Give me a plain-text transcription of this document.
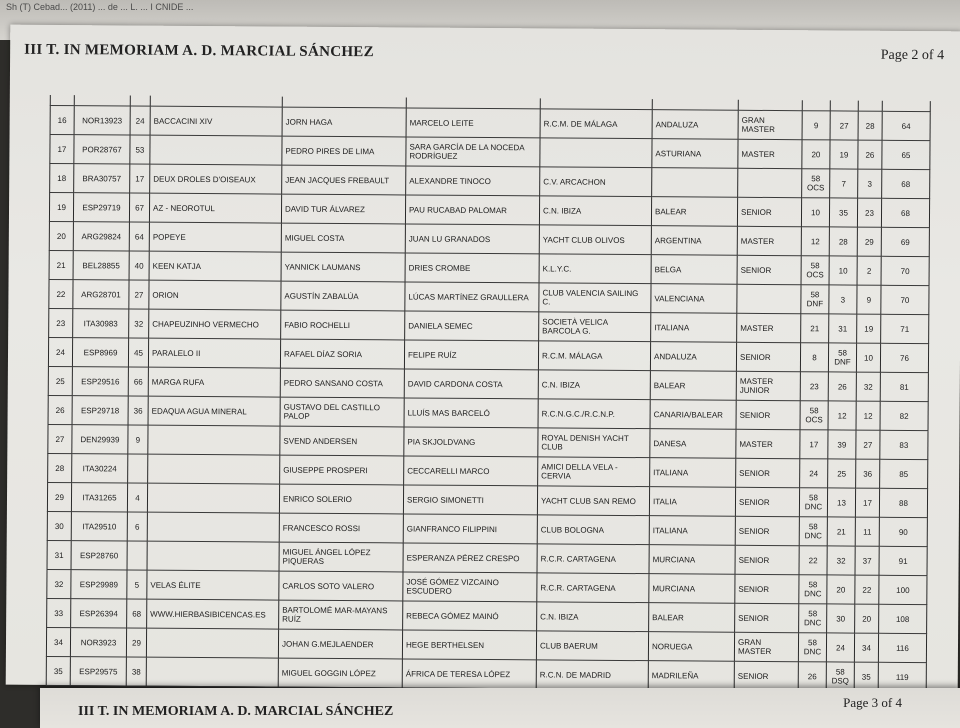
Sh (T) Cebad... (2011) ... de ... L. ... I CNIDE ...
III T. IN MEMORIAM A. D. MARCIAL SÁNCHEZ	Page 2 of 4

16	NOR13923	24	BACCACINI XIV	JORN HAGA	MARCELO LEITE	R.C.M. DE MÁLAGA	ANDALUZA	GRAN MASTER	9	27	28	64
17	POR28767	53		PEDRO PIRES DE LIMA	SARA GARCÍA DE LA NOCEDA RODRÍGUEZ		ASTURIANA	MASTER	20	19	26	65
18	BRA30757	17	DEUX DROLES D'OISEAUX	JEAN JACQUES FREBAULT	ALEXANDRE TINOCO	C.V. ARCACHON			58 OCS	7	3	68
19	ESP29719	67	AZ - NEOROTUL	DAVID TUR ÁLVAREZ	PAU RUCABAD PALOMAR	C.N. IBIZA	BALEAR	SENIOR	10	35	23	68
20	ARG29824	64	POPEYE	MIGUEL COSTA	JUAN LU GRANADOS	YACHT CLUB OLIVOS	ARGENTINA	MASTER	12	28	29	69
21	BEL28855	40	KEEN KATJA	YANNICK LAUMANS	DRIES CROMBE	K.L.Y.C.	BELGA	SENIOR	58 OCS	10	2	70
22	ARG28701	27	ORION	AGUSTÍN ZABALÚA	LÚCAS MARTÍNEZ GRAULLERA	CLUB VALENCIA SAILING C.	VALENCIANA		58 DNF	3	9	70
23	ITA30983	32	CHAPEUZINHO VERMECHO	FABIO ROCHELLI	DANIELA SEMEC	SOCIETÀ VELICA BARCOLA G.	ITALIANA	MASTER	21	31	19	71
24	ESP8969	45	PARALELO II	RAFAEL DÍAZ SORIA	FELIPE RUÍZ	R.C.M. MÁLAGA	ANDALUZA	SENIOR	8	58 DNF	10	76
25	ESP29516	66	MARGA RUFA	PEDRO SANSANO COSTA	DAVID CARDONA COSTA	C.N. IBIZA	BALEAR	MASTER JUNIOR	23	26	32	81
26	ESP29718	36	EDAQUA AGUA MINERAL	GUSTAVO DEL CASTILLO PALOP	LLUÍS MAS BARCELÓ	R.C.N.G.C./R.C.N.P.	CANARIA/BALEAR	SENIOR	58 OCS	12	12	82
27	DEN29939	9		SVEND ANDERSEN	PIA SKJOLDVANG	ROYAL DENISH YACHT CLUB	DANESA	MASTER	17	39	27	83
28	ITA30224			GIUSEPPE PROSPERI	CECCARELLI MARCO	AMICI DELLA VELA - CERVIA	ITALIANA	SENIOR	24	25	36	85
29	ITA31265	4		ENRICO SOLERIO	SERGIO SIMONETTI	YACHT CLUB SAN REMO	ITALIA	SENIOR	58 DNC	13	17	88
30	ITA29510	6		FRANCESCO ROSSI	GIANFRANCO FILIPPINI	CLUB BOLOGNA	ITALIANA	SENIOR	58 DNC	21	11	90
31	ESP28760			MIGUEL ÁNGEL LÓPEZ PIQUERAS	ESPERANZA PÉREZ CRESPO	R.C.R. CARTAGENA	MURCIANA	SENIOR	22	32	37	91
32	ESP29989	5	VELAS ÉLITE	CARLOS SOTO VALERO	JOSÉ GÓMEZ VIZCAINO ESCUDERO	R.C.R. CARTAGENA	MURCIANA	SENIOR	58 DNC	20	22	100
33	ESP26394	68	WWW.HIERBASIBICENCAS.ES	BARTOLOMÉ MAR-MAYANS RUÍZ	REBECA GÓMEZ MAINÓ	C.N. IBIZA	BALEAR	SENIOR	58 DNC	30	20	108
34	NOR3923	29		JOHAN G.MEJLAENDER	HEGE BERTHELSEN	CLUB BAERUM	NORUEGA	GRAN MASTER	58 DNC	24	34	116
35	ESP29575	38		MIGUEL GOGGIN LÓPEZ	ÁFRICA DE TERESA LÓPEZ	R.C.N. DE MADRID	MADRILEÑA	SENIOR	26	58 DSQ	35	119

Page 3 of 4
III T. IN MEMORIAM A. D. MARCIAL SÁNCHEZ
